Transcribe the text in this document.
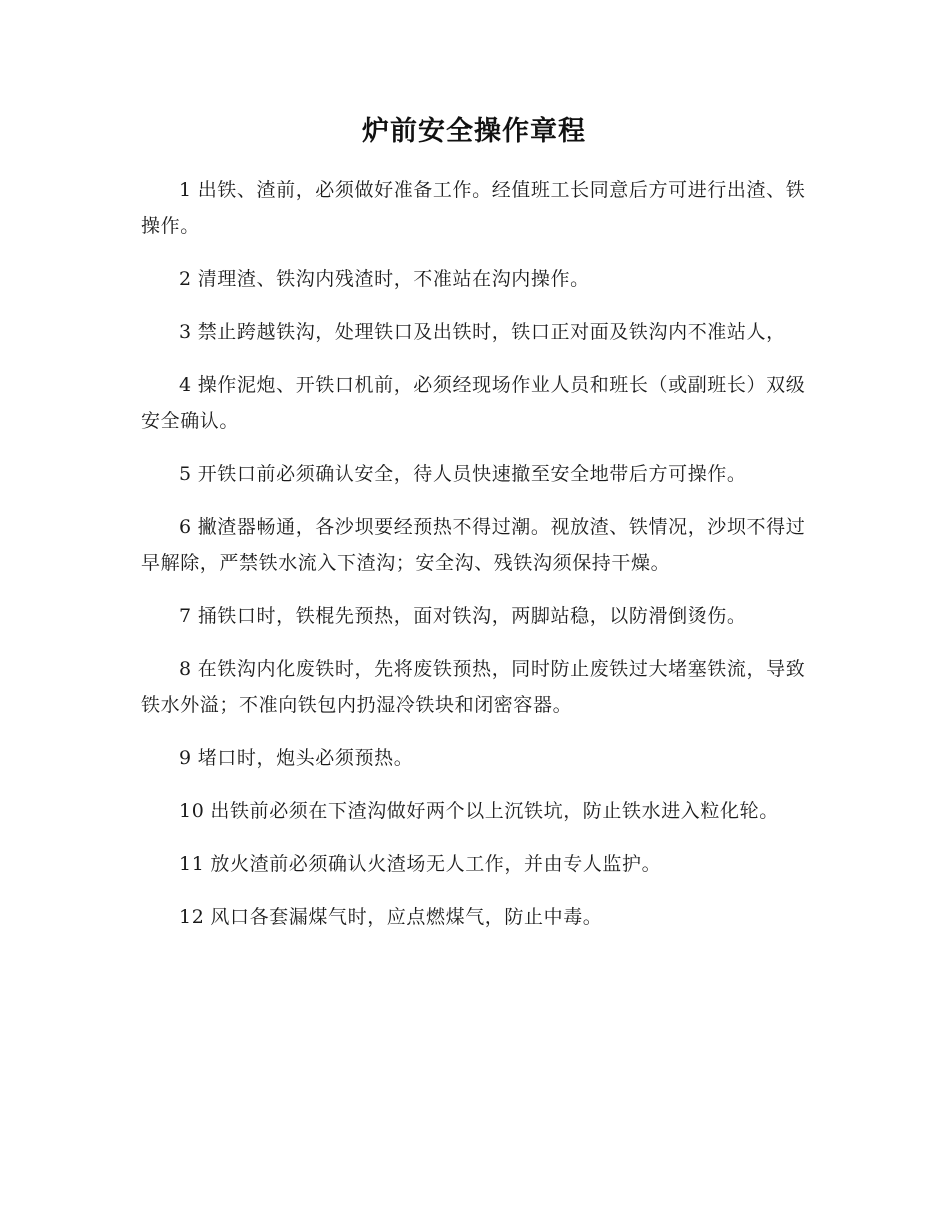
炉前安全操作章程
1 出铁、渣前，必须做好准备工作。经值班工长同意后方可进行出渣、铁操作。
2 清理渣、铁沟内残渣时，不准站在沟内操作。
3 禁止跨越铁沟，处理铁口及出铁时，铁口正对面及铁沟内不准站人，
4 操作泥炮、开铁口机前，必须经现场作业人员和班长（或副班长）双级安全确认。
5 开铁口前必须确认安全，待人员快速撤至安全地带后方可操作。
6 撇渣器畅通，各沙坝要经预热不得过潮。视放渣、铁情况，沙坝不得过早解除，严禁铁水流入下渣沟；安全沟、残铁沟须保持干燥。
7 捅铁口时，铁棍先预热，面对铁沟，两脚站稳，以防滑倒烫伤。
8 在铁沟内化废铁时，先将废铁预热，同时防止废铁过大堵塞铁流，导致铁水外溢；不准向铁包内扔湿冷铁块和闭密容器。
9 堵口时，炮头必须预热。
10 出铁前必须在下渣沟做好两个以上沉铁坑，防止铁水进入粒化轮。
11 放火渣前必须确认火渣场无人工作，并由专人监护。
12 风口各套漏煤气时，应点燃煤气，防止中毒。
